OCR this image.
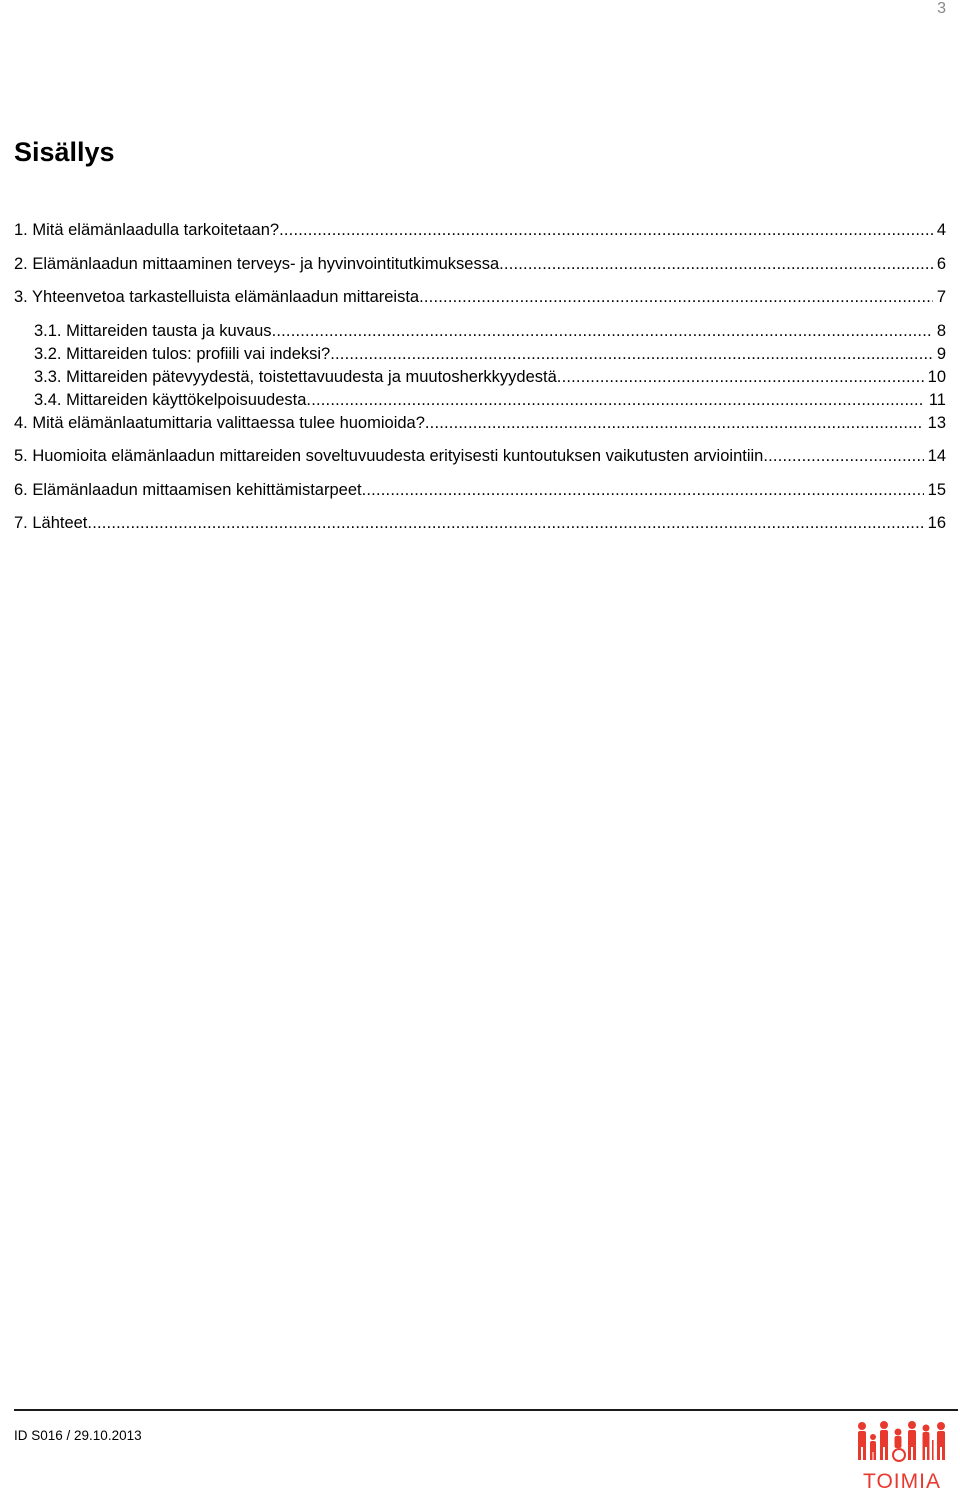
3
Sisällys
1. Mitä elämänlaadulla tarkoitetaan? .....	4
2. Elämänlaadun mittaaminen terveys- ja hyvinvointitutkimuksessa .....	6
3. Yhteenvetoa tarkastelluista elämänlaadun mittareista .....	7
3.1. Mittareiden tausta ja kuvaus .....	8
3.2. Mittareiden tulos: profiili vai indeksi? .....	9
3.3. Mittareiden pätevyydestä, toistettavuudesta ja muutosherkkyydestä .....	10
3.4. Mittareiden käyttökelpoisuudesta .....	11
4. Mitä elämänlaatumittaria valittaessa tulee huomioida? .....	13
5. Huomioita elämänlaadun mittareiden soveltuvuudesta erityisesti kuntoutuksen vaikutusten arviointiin .....	14
6. Elämänlaadun mittaamisen kehittämistarpeet .....	15
7. Lähteet .....	16
ID S016 / 29.10.2013
TOIMIA
